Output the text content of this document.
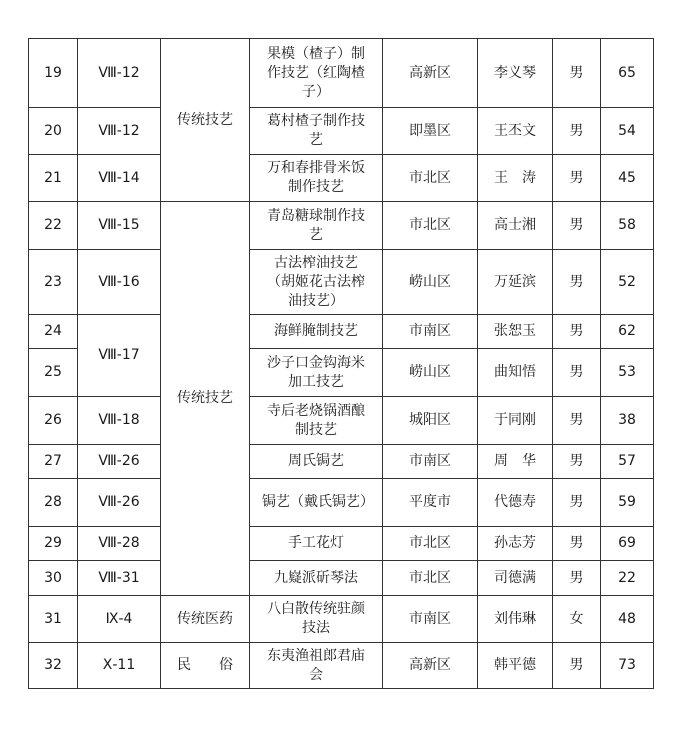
19	Ⅷ-12	传统技艺	果模（楂子）制作技艺（红陶楂子）	高新区	李义琴	男	65
20	Ⅷ-12		葛村楂子制作技艺	即墨区	王丕文	男	54
21	Ⅷ-14		万和春排骨米饭制作技艺	市北区	王　涛	男	45
22	Ⅷ-15	传统技艺	青岛糖球制作技艺	市北区	高士湘	男	58
23	Ⅷ-16		古法榨油技艺（胡姬花古法榨油技艺）	崂山区	万延滨	男	52
24	Ⅷ-17		海鲜腌制技艺	市南区	张恕玉	男	62
25			沙子口金钩海米加工技艺	崂山区	曲知悟	男	53
26	Ⅷ-18		寺后老烧锅酒酿制技艺	城阳区	于同刚	男	38
27	Ⅷ-26		周氏锔艺	市南区	周　华	男	57
28	Ⅷ-26		锔艺（戴氏锔艺）	平度市	代德寿	男	59
29	Ⅷ-28		手工花灯	市北区	孙志芳	男	69
30	Ⅷ-31		九嶷派斫琴法	市北区	司德满	男	22
31	Ⅸ-4	传统医药	八白散传统驻颜技法	市南区	刘伟琳	女	48
32	Ⅹ-11	民　　俗	东夷渔祖郎君庙会	高新区	韩平德	男	73
